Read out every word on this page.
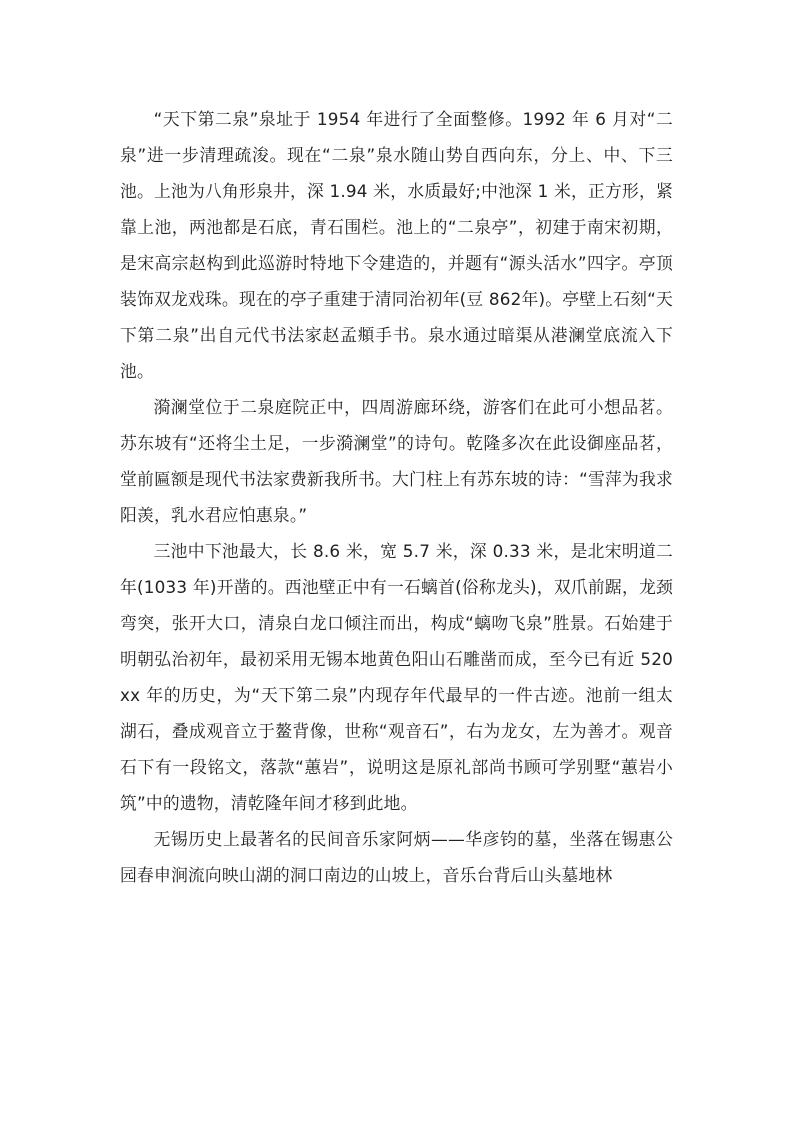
“天下第二泉”泉址于 1954 年进行了全面整修。1992 年 6 月对“二泉”进一步清理疏浚。现在“二泉”泉水随山势自西向东，分上、中、下三池。上池为八角形泉井，深 1.94 米，水质最好;中池深 1 米，正方形，紧靠上池，两池都是石底，青石围栏。池上的“二泉亭”，初建于南宋初期，是宋高宗赵构到此巡游时特地下令建造的，并题有“源头活水”四字。亭顶装饰双龙戏珠。现在的亭子重建于清同治初年(豆 862年)。亭壁上石刻“天下第二泉”出自元代书法家赵孟頫手书。泉水通过暗渠从港澜堂底流入下池。

漪澜堂位于二泉庭院正中，四周游廊环绕，游客们在此可小想品茗。苏东坡有“还将尘土足，一步漪澜堂”的诗句。乾隆多次在此设御座品茗，堂前匾额是现代书法家费新我所书。大门柱上有苏东坡的诗：“雪萍为我求阳羡，乳水君应怕惠泉。”

三池中下池最大，长 8.6 米，宽 5.7 米，深 0.33 米，是北宋明道二年(1033 年)开凿的。西池壁正中有一石螭首(俗称龙头)，双爪前踞，龙颈弯突，张开大口，清泉白龙口倾注而出，构成“螭吻飞泉”胜景。石始建于明朝弘治初年，最初采用无锡本地黄色阳山石雕凿而成，至今已有近 520xx 年的历史，为“天下第二泉”内现存年代最早的一件古迹。池前一组太湖石，叠成观音立于鳌背像，世称“观音石”，右为龙女，左为善才。观音石下有一段铭文，落款“蕙岩”，说明这是原礼部尚书顾可学别墅“蕙岩小筑”中的遗物，清乾隆年间才移到此地。

无锡历史上最著名的民间音乐家阿炳——华彦钧的墓，坐落在锡惠公园春申涧流向映山湖的洞口南边的山坡上，音乐台背后山头墓地林
